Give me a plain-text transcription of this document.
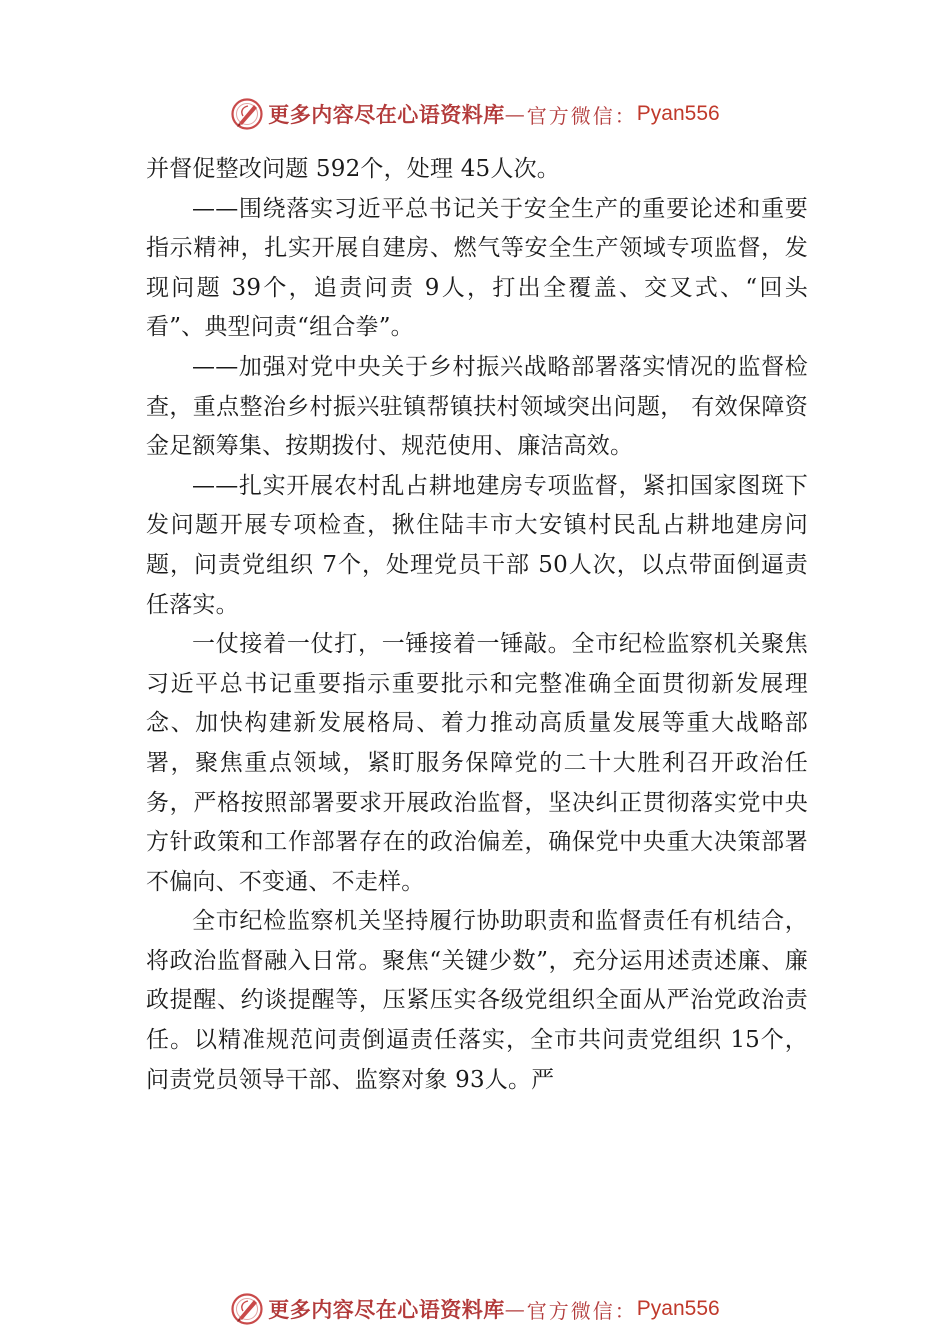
更多内容尽在心语资料库 — 官方微信： Pyan556

并督促整改问题 592个，处理 45人次。

——围绕落实习近平总书记关于安全生产的重要论述和重要指示精神，扎实开展自建房、燃气等安全生产领域专项监督，发现问题 39个，追责问责 9人，打出全覆盖、交叉式、“回头看”、典型问责“组合拳”。

——加强对党中央关于乡村振兴战略部署落实情况的监督检查，重点整治乡村振兴驻镇帮镇扶村领域突出问题， 有效保障资金足额筹集、按期拨付、规范使用、廉洁高效。

——扎实开展农村乱占耕地建房专项监督，紧扣国家图斑下发问题开展专项检查，揪住陆丰市大安镇村民乱占耕地建房问题，问责党组织 7个，处理党员干部 50人次，以点带面倒逼责任落实。

一仗接着一仗打，一锤接着一锤敲。全市纪检监察机关聚焦习近平总书记重要指示重要批示和完整准确全面贯彻新发展理念、加快构建新发展格局、着力推动高质量发展等重大战略部署，聚焦重点领域，紧盯服务保障党的二十大胜利召开政治任务，严格按照部署要求开展政治监督，坚决纠正贯彻落实党中央方针政策和工作部署存在的政治偏差，确保党中央重大决策部署不偏向、不变通、不走样。

全市纪检监察机关坚持履行协助职责和监督责任有机结合，将政治监督融入日常。聚焦“关键少数”，充分运用述责述廉、廉政提醒、约谈提醒等，压紧压实各级党组织全面从严治党政治责任。以精准规范问责倒逼责任落实，全市共问责党组织 15个，问责党员领导干部、监察对象 93人。严

更多内容尽在心语资料库 — 官方微信： Pyan556
